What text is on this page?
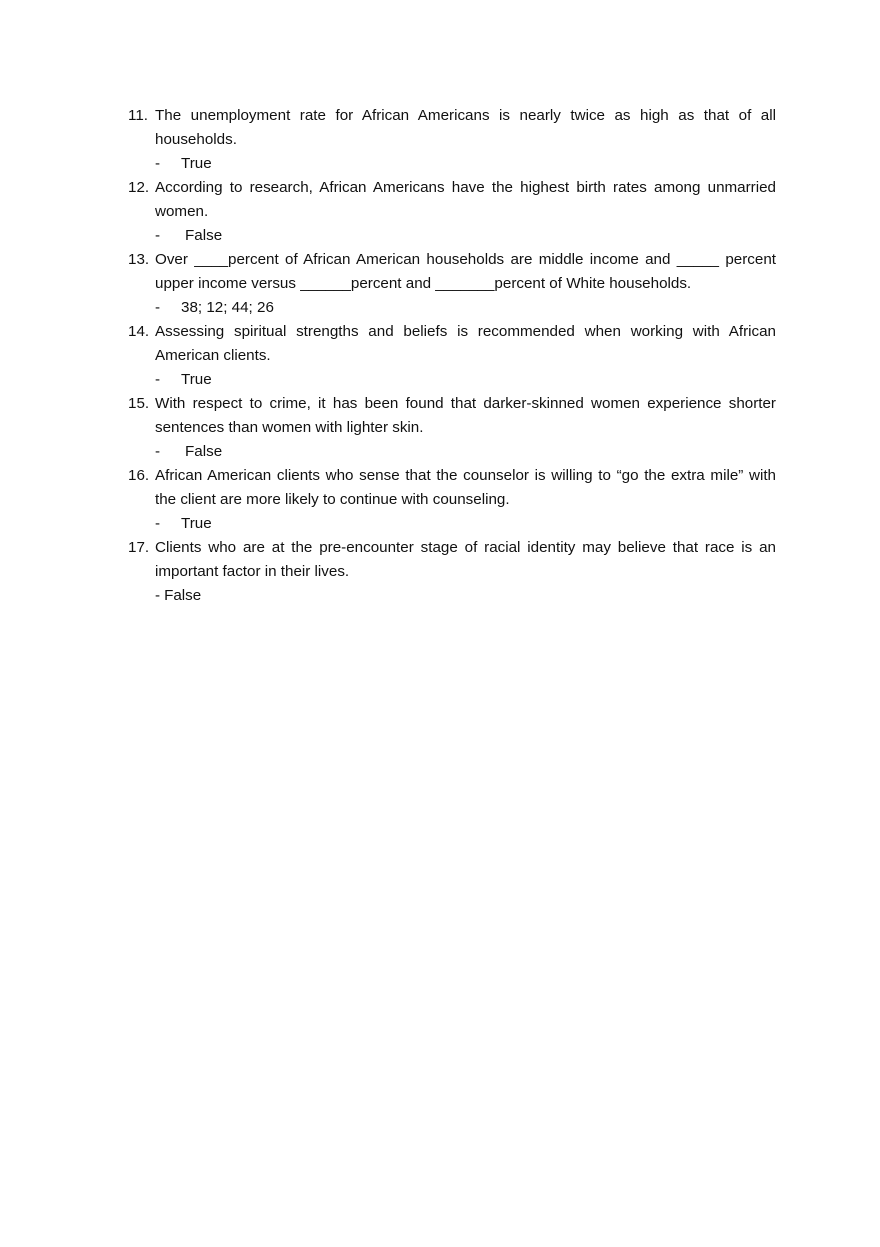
11. The unemployment rate for African Americans is nearly twice as high as that of all households.
- True
12. According to research, African Americans have the highest birth rates among unmarried women.
- False
13. Over ____percent of African American households are middle income and _____ percent upper income versus ______percent and _______percent of White households.
- 38; 12; 44; 26
14. Assessing spiritual strengths and beliefs is recommended when working with African American clients.
- True
15. With respect to crime, it has been found that darker-skinned women experience shorter sentences than women with lighter skin.
- False
16. African American clients who sense that the counselor is willing to “go the extra mile” with the client are more likely to continue with counseling.
- True
17. Clients who are at the pre-encounter stage of racial identity may believe that race is an important factor in their lives.
- False
